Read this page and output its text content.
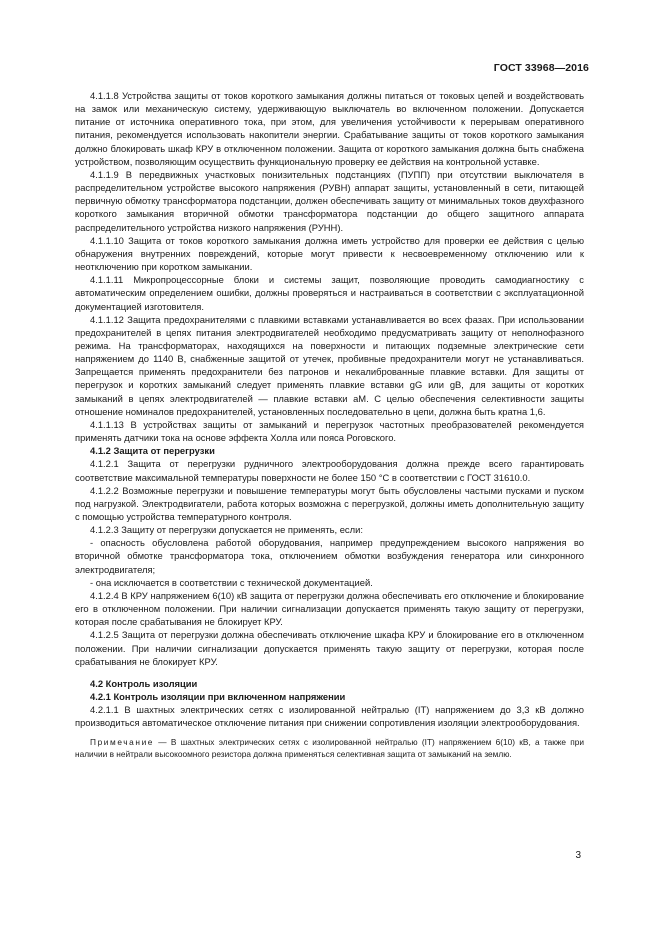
ГОСТ 33968—2016

4.1.1.8 Устройства защиты от токов короткого замыкания должны питаться от токовых цепей и воздействовать на замок или механическую систему, удерживающую выключатель во включенном положении. Допускается питание от источника оперативного тока, при этом, для увеличения устойчивости к перерывам оперативного питания, рекомендуется использовать накопители энергии. Срабатывание защиты от токов короткого замыкания должно блокировать шкаф КРУ в отключенном положении. Защита от короткого замыкания должна быть снабжена устройством, позволяющим осуществить функциональную проверку ее действия на контрольной уставке.

4.1.1.9 В передвижных участковых понизительных подстанциях (ПУПП) при отсутствии выключателя в распределительном устройстве высокого напряжения (РУВН) аппарат защиты, установленный в сети, питающей первичную обмотку трансформатора подстанции, должен обеспечивать защиту от минимальных токов двухфазного короткого замыкания вторичной обмотки трансформатора подстанции до общего защитного аппарата распределительного устройства низкого напряжения (РУНН).

4.1.1.10 Защита от токов короткого замыкания должна иметь устройство для проверки ее действия с целью обнаружения внутренних повреждений, которые могут привести к несвоевременному отключению или к неотключению при коротком замыкании.

4.1.1.11 Микропроцессорные блоки и системы защит, позволяющие проводить самодиагностику с автоматическим определением ошибки, должны проверяться и настраиваться в соответствии с эксплуатационной документацией изготовителя.

4.1.1.12 Защита предохранителями с плавкими вставками устанавливается во всех фазах. При использовании предохранителей в цепях питания электродвигателей необходимо предусматривать защиту от неполнофазного режима. На трансформаторах, находящихся на поверхности и питающих подземные электрические сети напряжением до 1140 В, снабженные защитой от утечек, пробивные предохранители могут не устанавливаться. Запрещается применять предохранители без патронов и некалиброванные плавкие вставки. Для защиты от перегрузок и коротких замыканий следует применять плавкие вставки gG или gB, для защиты от коротких замыканий в цепях электродвигателей — плавкие вставки aM. С целью обеспечения селективности защиты отношение номиналов предохранителей, установленных последовательно в цепи, должна быть кратна 1,6.

4.1.1.13 В устройствах защиты от замыканий и перегрузок частотных преобразователей рекомендуется применять датчики тока на основе эффекта Холла или пояса Роговского.

4.1.2 Защита от перегрузки

4.1.2.1 Защита от перегрузки рудничного электрооборудования должна прежде всего гарантировать соответствие максимальной температуры поверхности не более 150 °С в соответствии с ГОСТ 31610.0.

4.1.2.2 Возможные перегрузки и повышение температуры могут быть обусловлены частыми пусками и пуском под нагрузкой. Электродвигатели, работа которых возможна с перегрузкой, должны иметь дополнительную защиту с помощью устройства температурного контроля.

4.1.2.3 Защиту от перегрузки допускается не применять, если:

- опасность обусловлена работой оборудования, например предупреждением высокого напряжения во вторичной обмотке трансформатора тока, отключением обмотки возбуждения генератора или синхронного электродвигателя;

- она исключается в соответствии с технической документацией.

4.1.2.4 В КРУ напряжением 6(10) кВ защита от перегрузки должна обеспечивать его отключение и блокирование его в отключенном положении. При наличии сигнализации допускается применять такую защиту от перегрузки, которая после срабатывания не блокирует КРУ.

4.1.2.5 Защита от перегрузки должна обеспечивать отключение шкафа КРУ и блокирование его в отключенном положении. При наличии сигнализации допускается применять такую защиту от перегрузки, которая после срабатывания не блокирует КРУ.

4.2 Контроль изоляции

4.2.1 Контроль изоляции при включенном напряжении

4.2.1.1 В шахтных электрических сетях с изолированной нейтралью (IT) напряжением до 3,3 кВ должно производиться автоматическое отключение питания при снижении сопротивления изоляции электрооборудования.

Примечание — В шахтных электрических сетях с изолированной нейтралью (IT) напряжением 6(10) кВ, а также при наличии в нейтрали высокоомного резистора должна применяться селективная защита от замыканий на землю.

3
